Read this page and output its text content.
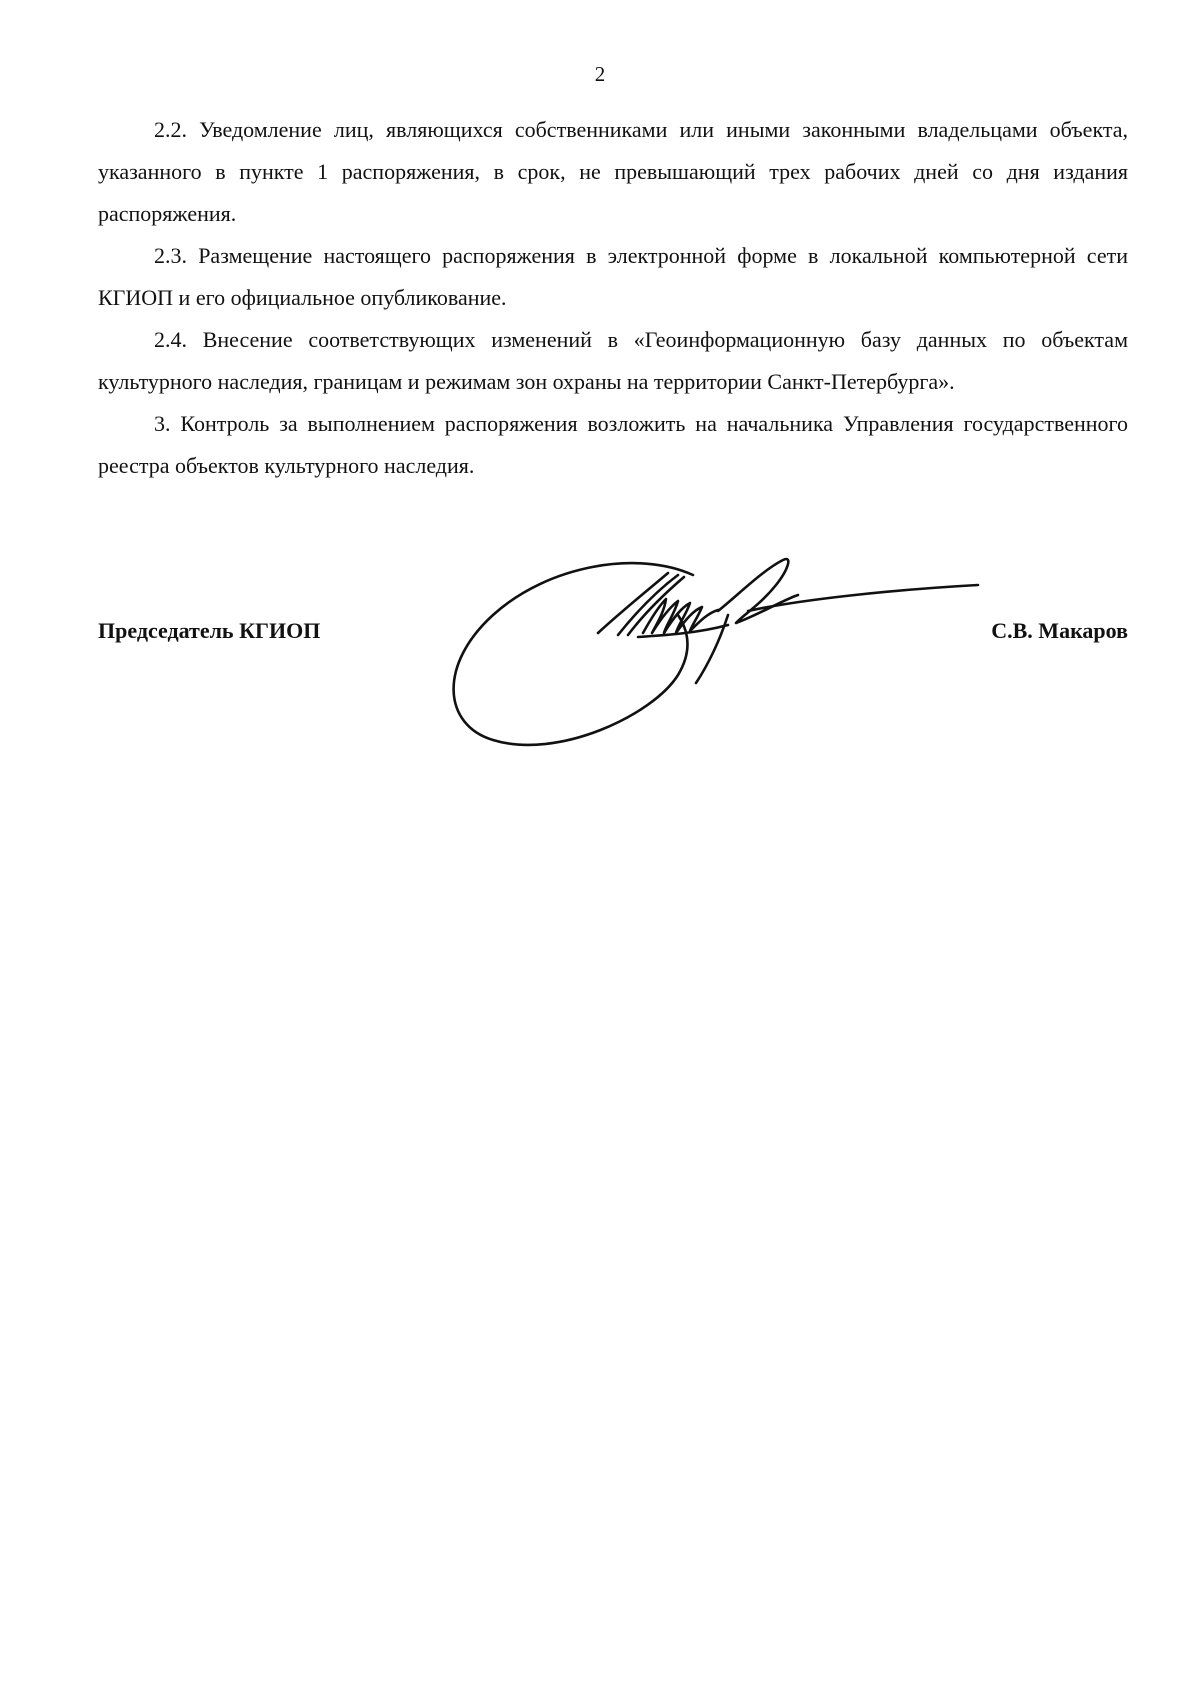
2

2.2. Уведомление лиц, являющихся собственниками или иными законными владельцами объекта, указанного в пункте 1 распоряжения, в срок, не превышающий трех рабочих дней со дня издания распоряжения.

2.3. Размещение настоящего распоряжения в электронной форме в локальной компьютерной сети КГИОП и его официальное опубликование.

2.4. Внесение соответствующих изменений в «Геоинформационную базу данных по объектам культурного наследия, границам и режимам зон охраны на территории Санкт-Петербурга».

3. Контроль за выполнением распоряжения возложить на начальника Управления государственного реестра объектов культурного наследия.

Председатель КГИОП	С.В. Макаров
